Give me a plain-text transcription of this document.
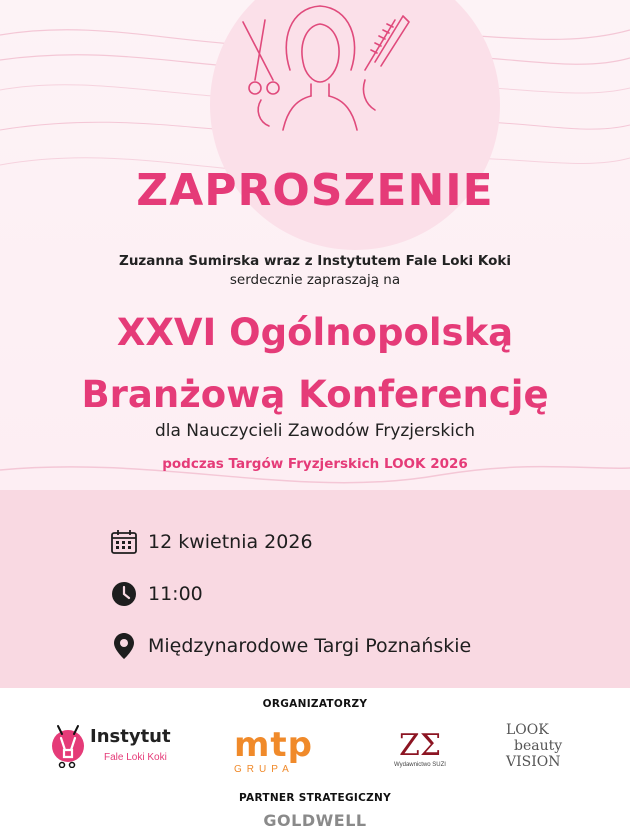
ZAPROSZENIE
Zuzanna Sumirska wraz z Instytutem Fale Loki Koki
serdecznie zapraszają na
XXVI Ogólnopolską
Branżową Konferencję
dla Nauczycieli Zawodów Fryzjerskich
podczas Targów Fryzjerskich LOOK 2026
12 kwietnia 2026
11:00
Międzynarodowe Targi Poznańskie
ORGANIZATORZY
Instytut
Fale Loki Koki mtp
GRUPA
ΖΣ
Wydawnictwo SUZI
LOOK
beauty
VISION
PARTNER STRATEGICZNY
GOLDWELL
